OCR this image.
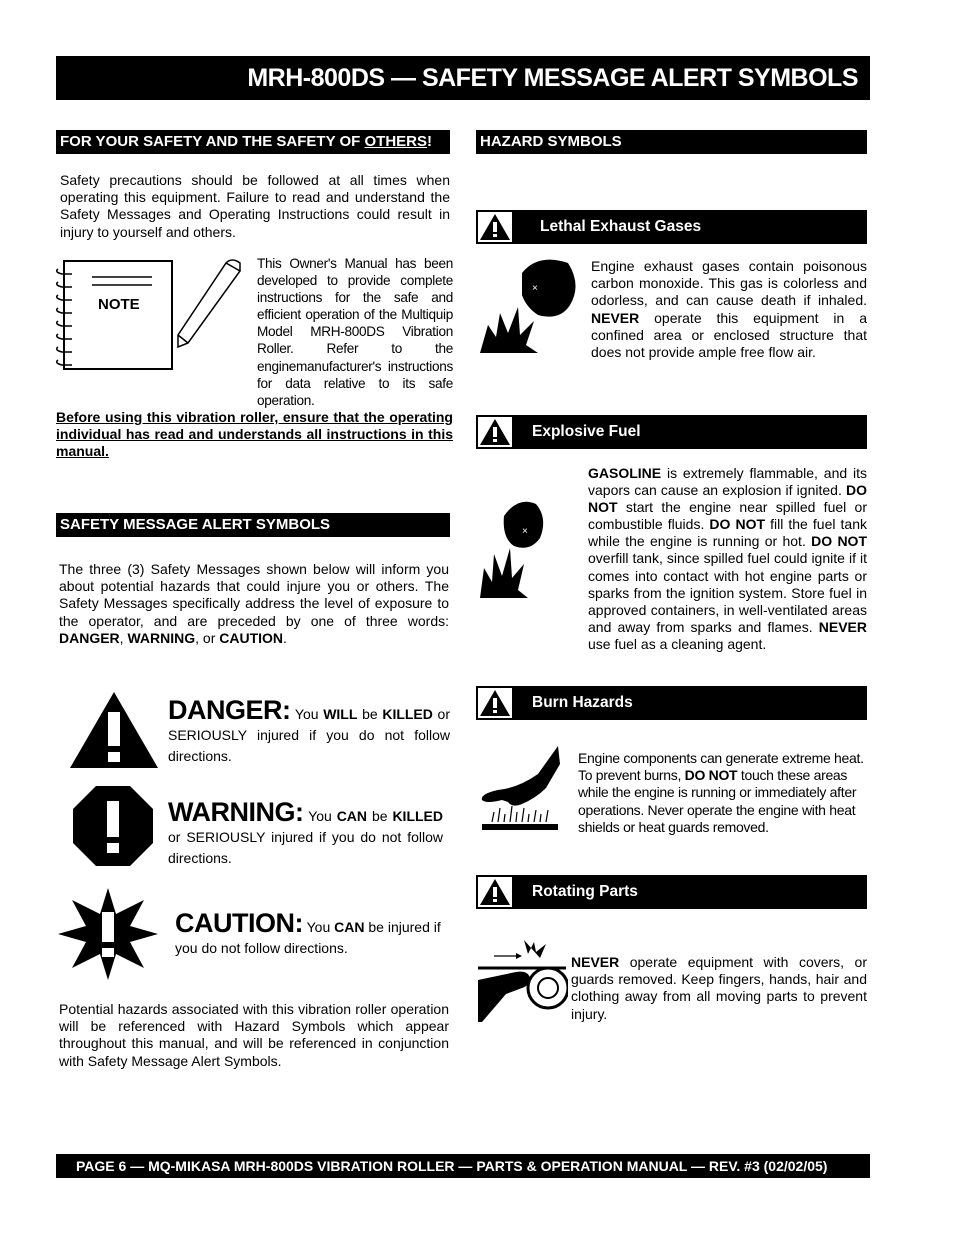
MRH-800DS — SAFETY MESSAGE ALERT SYMBOLS
FOR YOUR SAFETY AND THE SAFETY OF OTHERS!
Safety precautions should be followed at all times when operating this equipment. Failure to read and understand the Safety Messages and Operating Instructions could result in injury to yourself and others.
NOTE
This Owner's Manual has been developed to provide complete instructions for the safe and efficient operation of the Multiquip Model MRH-800DS Vibration Roller. Refer to the enginemanufacturer's instructions for data relative to its safe operation.
Before using this vibration roller, ensure that the operating individual has read and understands all instructions in this manual.
SAFETY MESSAGE ALERT SYMBOLS
The three (3) Safety Messages shown below will inform you about potential hazards that could injure you or others. The Safety Messages specifically address the level of exposure to the operator, and are preceded by one of three words: DANGER, WARNING, or CAUTION.
DANGER: You WILL be KILLED or SERIOUSLY injured if you do not follow directions.
WARNING: You CAN be KILLED or SERIOUSLY injured if you do not follow directions.
CAUTION: You CAN be injured if you do not follow directions.
Potential hazards associated with this vibration roller operation will be referenced with Hazard Symbols which appear throughout this manual, and will be referenced in conjunction with Safety Message Alert Symbols.
HAZARD SYMBOLS
Lethal Exhaust Gases
×
Engine exhaust gases contain poisonous carbon monoxide. This gas is colorless and odorless, and can cause death if inhaled. NEVER operate this equipment in a confined area or enclosed structure that does not provide ample free flow air.
Explosive Fuel
×
GASOLINE is extremely flammable, and its vapors can cause an explosion if ignited. DO NOT start the engine near spilled fuel or combustible fluids. DO NOT fill the fuel tank while the engine is running or hot. DO NOT overfill tank, since spilled fuel could ignite if it comes into contact with hot engine parts or sparks from the ignition system. Store fuel in approved containers, in well-ventilated areas and away from sparks and flames. NEVER use fuel as a cleaning agent.
Burn Hazards
Engine components can generate extreme heat. To prevent burns, DO NOT touch these areas while the engine is running or immediately after operations. Never operate the engine with heat shields or heat guards removed.
Rotating Parts
NEVER operate equipment with covers, or guards removed. Keep fingers, hands, hair and clothing away from all moving parts to prevent injury.
PAGE 6 — MQ-MIKASA MRH-800DS VIBRATION ROLLER — PARTS & OPERATION MANUAL — REV. #3 (02/02/05)
